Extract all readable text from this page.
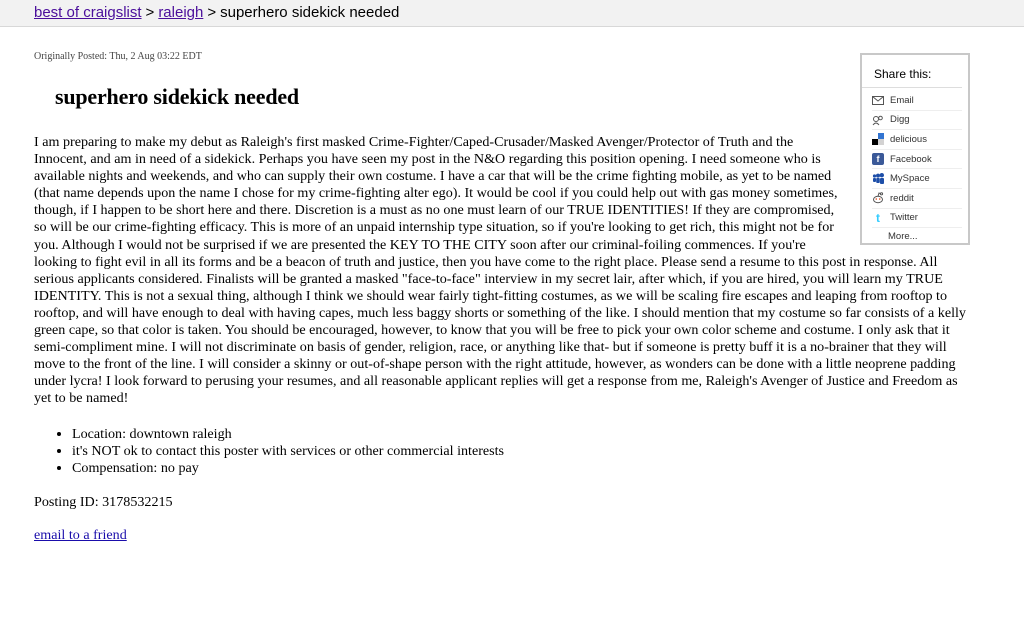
best of craigslist > raleigh > superhero sidekick needed
Originally Posted: Thu, 2 Aug 03:22 EDT
superhero sidekick needed
Share this:
Email
Digg
delicious
f	Facebook
MySpace
reddit
t	Twitter
More...

I am preparing to make my debut as Raleigh's first masked Crime-Fighter/Caped-Crusader/Masked Avenger/Protector of Truth and the Innocent, and am in need of a sidekick. Perhaps you have seen my post in the N&O regarding this position opening. I need someone who is available nights and weekends, and who can supply their own costume. I have a car that will be the crime fighting mobile, as yet to be named (that name depends upon the name I chose for my crime-fighting alter ego). It would be cool if you could help out with gas money sometimes, though, if I happen to be short here and there. Discretion is a must as no one must learn of our TRUE IDENTITIES! If they are compromised, so will be our crime-fighting efficacy. This is more of an unpaid internship type situation, so if you're looking to get rich, this might not be for you. Although I would not be surprised if we are presented the KEY TO THE CITY soon after our criminal-foiling commences. If you're looking to fight evil in all its forms and be a beacon of truth and justice, then you have come to the right place. Please send a resume to this post in response. All serious applicants considered. Finalists will be granted a masked "face-to-face" interview in my secret lair, after which, if you are hired, you will learn my TRUE IDENTITY. This is not a sexual thing, although I think we should wear fairly tight-fitting costumes, as we will be scaling fire escapes and leaping from rooftop to rooftop, and will have enough to deal with having capes, much less baggy shorts or something of the like. I should mention that my costume so far consists of a kelly green cape, so that color is taken. You should be encouraged, however, to know that you will be free to pick your own color scheme and costume. I only ask that it semi-compliment mine. I will not discriminate on basis of gender, religion, race, or anything like that- but if someone is pretty buff it is a no-brainer that they will move to the front of the line. I will consider a skinny or out-of-shape person with the right attitude, however, as wonders can be done with a little neoprene padding under lycra! I look forward to perusing your resumes, and all reasonable applicant replies will get a response from me, Raleigh's Avenger of Justice and Freedom as yet to be named!

• Location: downtown raleigh
• it's NOT ok to contact this poster with services or other commercial interests
• Compensation: no pay
Posting ID: 3178532215
email to a friend
